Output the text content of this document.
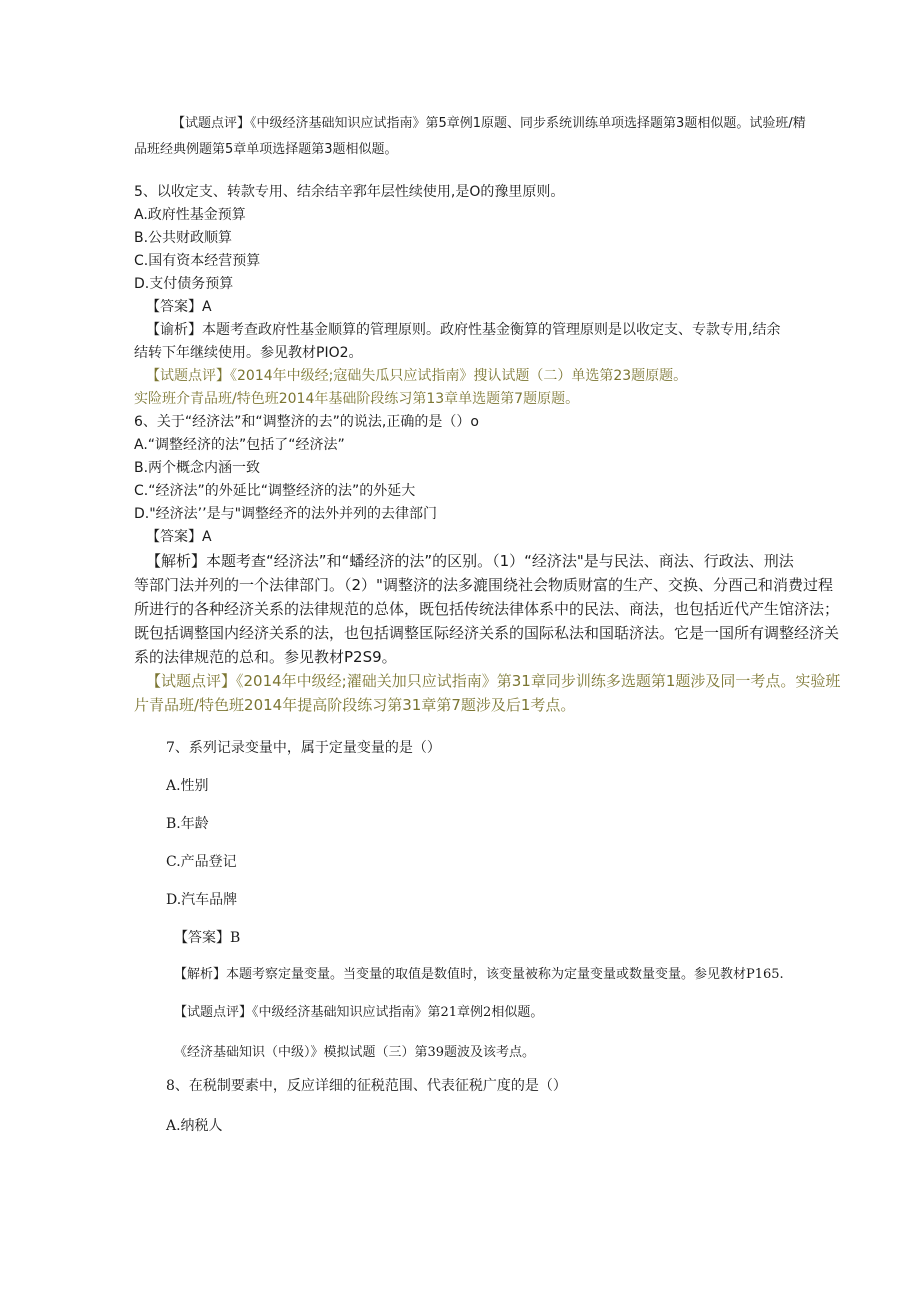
【试题点评】《中级经济基础知识应试指南》第5章例1原题、同步系统训练单项选择题第3题相似题。试验班/精
品班经典例题第5章单项选择题第3题相似题。
5、以收定支、转款专用、结余结辛郛年层性续使用,是O的豫里原则。
A.政府性基金预算
B.公共财政顺算
C.国有资本经营预算
D.支付债务预算
【答案】A
【谕析】本题考查政府性基金顺算的管理原则。政府性基金衡算的管理原则是以收定支、专款专用,结余
结转下年继续使用。参见教材PIO2。
【试题点评】《2014年中级经;寇础失瓜只应试指南》搜认试题（二）单选第23题原题。
实险班介青品班/特色班2014年基础阶段练习第13章单选题第7题原题。
6、关于“经济法”和“调整济的去”的说法,正确的是（）o
A.“调整经济的法”包括了“经济法”
B.两个概念内涵一致
C.“经济法”的外延比“调整经济的法”的外延大
D."经济法’’是与"调整经齐的法外并列的去律部门
【答案】A
【解析】本题考查“经济法”和“蟠经济的法”的区别。（1）“经济法"是与民法、商法、行政法、刑法
等部门法并列的一个法律部门。（2）"调整济的法多漉围绕社会物质财富的生产、交换、分酉己和消费过程
所进行的各种经济关系的法律规范的总体，既包括传统法律体系中的民法、商法，也包括近代产生馆济法；
既包括调整国内经济关系的法，也包括调整匡际经济关系的国际私法和国聒济法。它是一国所有调整经济关
系的法律规范的总和。参见教材P2S9。
【试题点评】《2014年中级经;濯础关加只应试指南》第31章同步训练多选题第1题涉及同一考点。实验班
片青品班/特色班2014年提高阶段练习第31章第7题涉及后1考点。
7、系列记录变量中，属于定量变量的是（）
A.性别
B.年龄
C.产品登记
D.汽车品牌
【答案】B
【解析】本题考察定量变量。当变量的取值是数值时，该变量被称为定量变量或数量变量。参见教材P165.
【试题点评】《中级经济基础知识应试指南》第21章例2相似题。
《经济基础知识（中级）》模拟试题（三）第39题波及该考点。
8、在税制要素中，反应详细的征税范围、代表征税广度的是（）
A.纳税人
